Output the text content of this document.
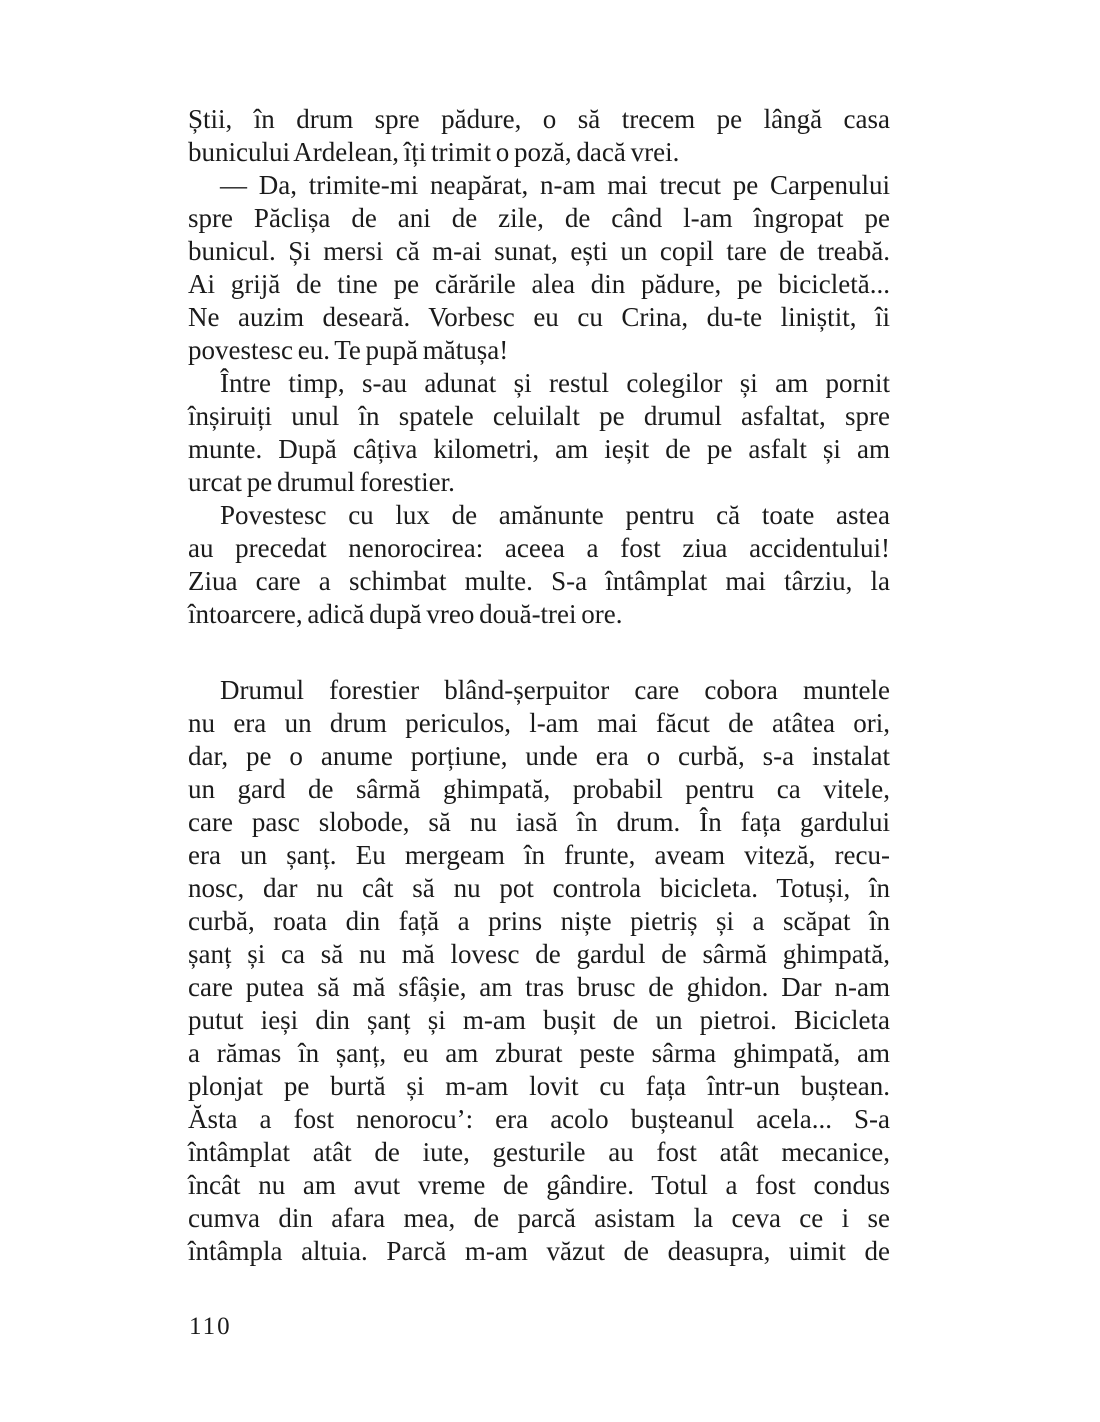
Știi, în drum spre pădure, o să trecem pe lângă casa
bunicului Ardelean, îți trimit o poză, dacă vrei.
— Da, trimite-mi neapărat, n-am mai trecut pe Carpenului
spre Păclișa de ani de zile, de când l-am îngropat pe
bunicul. Și mersi că m-ai sunat, ești un copil tare de treabă.
Ai grijă de tine pe cărările alea din pădure, pe bicicletă...
Ne auzim deseară. Vorbesc eu cu Crina, du-te liniștit, îi
povestesc eu. Te pupă mătușa!
Între timp, s-au adunat și restul colegilor și am pornit
înșiruiți unul în spatele celuilalt pe drumul asfaltat, spre
munte. După câțiva kilometri, am ieșit de pe asfalt și am
urcat pe drumul forestier.
Povestesc cu lux de amănunte pentru că toate astea
au precedat nenorocirea: aceea a fost ziua accidentului!
Ziua care a schimbat multe. S-a întâmplat mai târziu, la
întoarcere, adică după vreo două-trei ore.
Drumul forestier blând-șerpuitor care cobora muntele
nu era un drum periculos, l-am mai făcut de atâtea ori,
dar, pe o anume porțiune, unde era o curbă, s-a instalat
un gard de sârmă ghimpată, probabil pentru ca vitele,
care pasc slobode, să nu iasă în drum. În fața gardului
era un șanț. Eu mergeam în frunte, aveam viteză, recu-
nosc, dar nu cât să nu pot controla bicicleta. Totuși, în
curbă, roata din față a prins niște pietriș și a scăpat în
șanț și ca să nu mă lovesc de gardul de sârmă ghimpată,
care putea să mă sfâșie, am tras brusc de ghidon. Dar n-am
putut ieși din șanț și m-am bușit de un pietroi. Bicicleta
a rămas în șanț, eu am zburat peste sârma ghimpată, am
plonjat pe burtă și m-am lovit cu fața într-un buștean.
Ăsta a fost nenorocu’: era acolo bușteanul acela... S-a
întâmplat atât de iute, gesturile au fost atât mecanice,
încât nu am avut vreme de gândire. Totul a fost condus
cumva din afara mea, de parcă asistam la ceva ce i se
întâmpla altuia. Parcă m-am văzut de deasupra, uimit de
110
